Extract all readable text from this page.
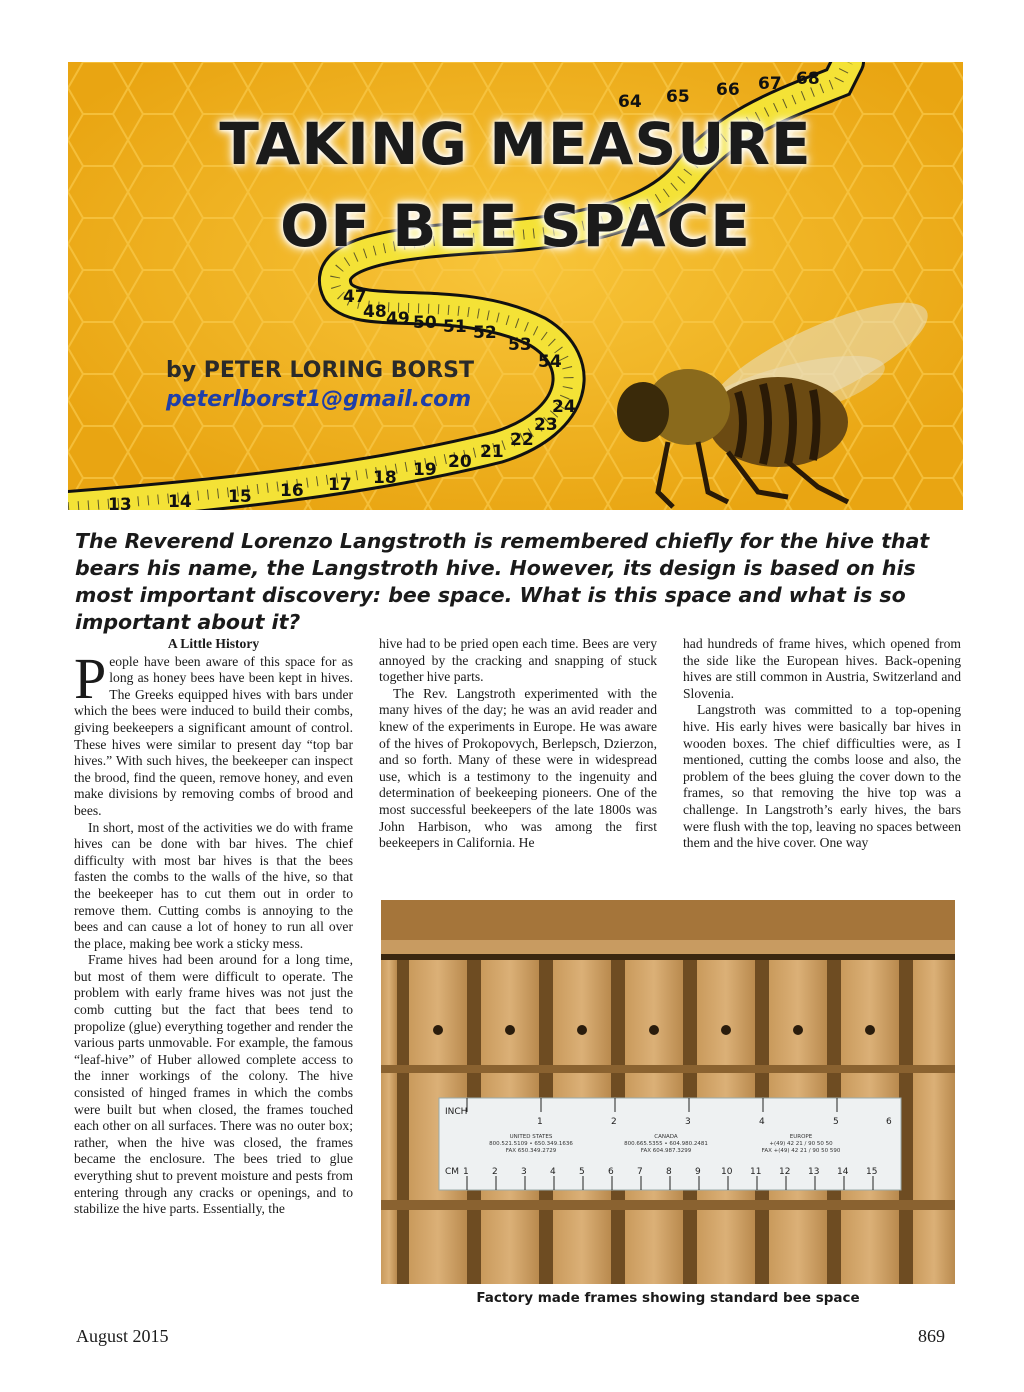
13 14 15 16 17 18 19 20 21
22
23
24
47
48 49 50 51 52
53
54
64 65 66 67 68
TAKING MEASURE
OF BEE SPACE
by PETER LORING BORST
peterlborst1@gmail.com
The Reverend Lorenzo Langstroth is remembered chiefly for the hive that bears his name, the Langstroth hive. However, its design is based on his most important discovery: bee space. What is this space and what is so important about it?
A Little History

People have been aware of this space for as long as honey bees have been kept in hives. The Greeks equipped hives with bars under which the bees were induced to build their combs, giving beekeepers a significant amount of control. These hives were similar to present day “top bar hives.” With such hives, the beekeeper can inspect the brood, find the queen, remove honey, and even make divisions by removing combs of brood and bees.

In short, most of the activities we do with frame hives can be done with bar hives. The chief difficulty with most bar hives is that the bees fasten the combs to the walls of the hive, so that the beekeeper has to cut them out in order to remove them. Cutting combs is annoying to the bees and can cause a lot of honey to run all over the place, making bee work a sticky mess.

Frame hives had been around for a long time, but most of them were difficult to operate. The problem with early frame hives was not just the comb cutting but the fact that bees tend to propolize (glue) everything together and render the various parts unmovable. For example, the famous “leaf-hive” of Huber allowed complete access to the inner workings of the colony. The hive consisted of hinged frames in which the combs were built but when closed, the frames touched each other on all surfaces. There was no outer box; rather, when the hive was closed, the frames became the enclosure. The bees tried to glue everything shut to prevent moisture and pests from entering through any cracks or openings, and to stabilize the hive parts. Essentially, the

hive had to be pried open each time. Bees are very annoyed by the cracking and snapping of stuck together hive parts.

The Rev. Langstroth experimented with the many hives of the day; he was an avid reader and knew of the experiments in Europe. He was aware of the hives of Prokopovych, Berlepsch, Dzierzon, and so forth. Many of these were in widespread use, which is a testimony to the ingenuity and determination of beekeeping pioneers. One of the most successful beekeepers of the late 1800s was John Harbison, who was among the first beekeepers in California. He

had hundreds of frame hives, which opened from the side like the European hives. Back-opening hives are still common in Austria, Switzerland and Slovenia.

Langstroth was committed to a top-opening hive. His early hives were basically bar hives in wooden boxes. The chief difficulties were, as I mentioned, cutting the combs loose and also, the problem of the bees gluing the cover down to the frames, so that removing the hive top was a challenge. In Langstroth’s early hives, the bars were flush with the top, leaving no spaces between them and the hive cover. One way

INCH
1	2	3	4	5	6
CM 1	2	3	4	5	6	7	8	9 10 11 12 13 14 15
UNITED STATES
800.521.5109 • 650.349.1636
FAX 650.349.2729
CANADA
800.665.5355 • 604.980.2481
FAX 604.987.3299
EUROPE
+(49) 42 21 / 90 50 50
FAX +(49) 42 21 / 90 50 590
Factory made frames showing standard bee space
August 2015	869
